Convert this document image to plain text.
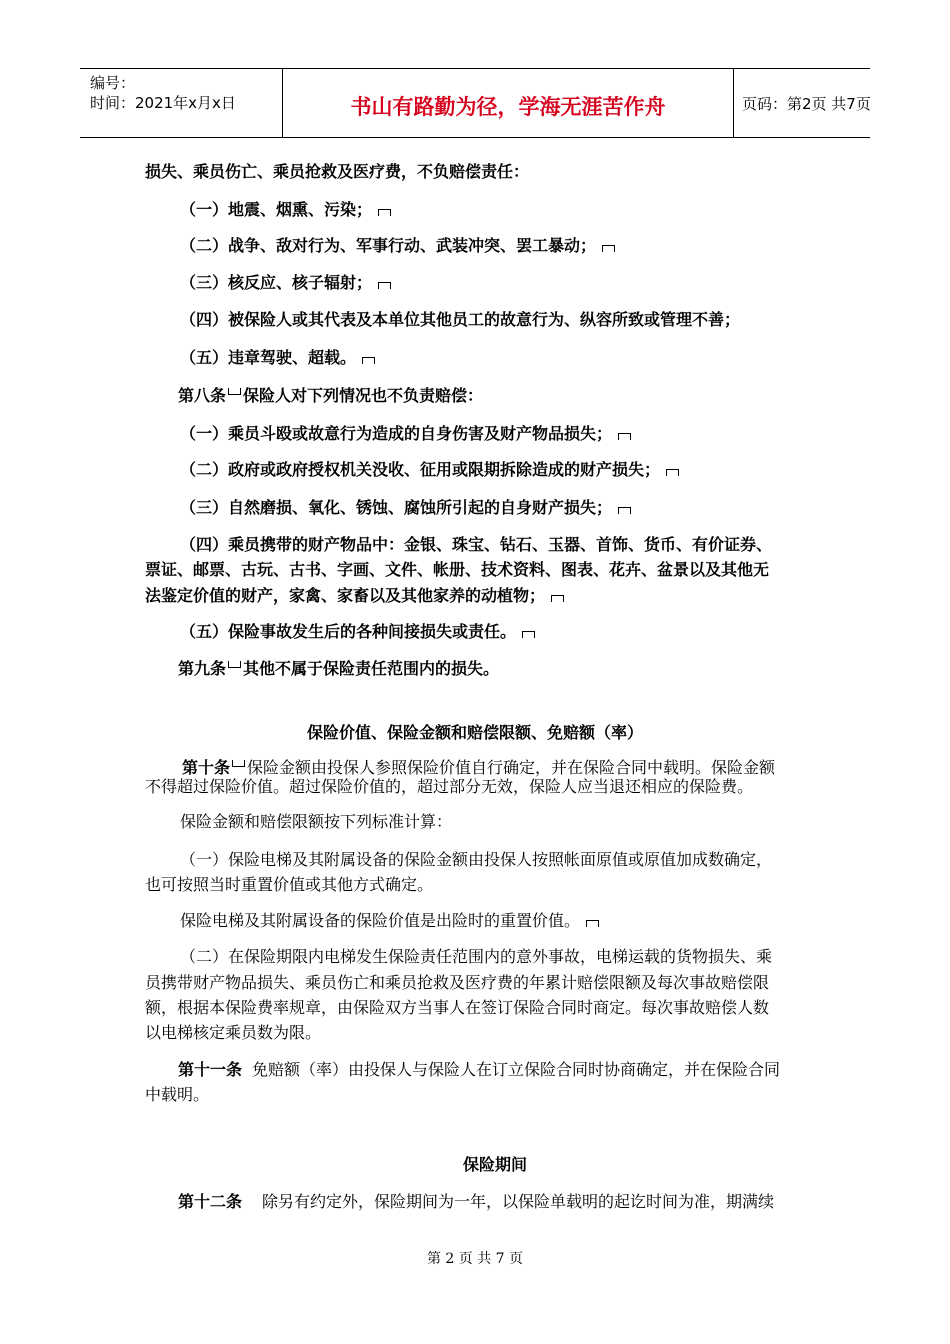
编号：
时间：2021年x月x日	书山有路勤为径，学海无涯苦作舟	页码：第2页 共7页
损失、乘员伤亡、乘员抢救及医疗费，不负赔偿责任：
（一）地震、烟熏、污染；
（二）战争、敌对行为、军事行动、武装冲突、罢工暴动；
（三）核反应、核子辐射；
（四）被保险人或其代表及本单位其他员工的故意行为、纵容所致或管理不善；
（五）违章驾驶、超载。
第八条 保险人对下列情况也不负责赔偿：
（一）乘员斗殴或故意行为造成的自身伤害及财产物品损失；
（二）政府或政府授权机关没收、征用或限期拆除造成的财产损失；
（三）自然磨损、氧化、锈蚀、腐蚀所引起的自身财产损失；
（四）乘员携带的财产物品中：金银、珠宝、钻石、玉器、首饰、货币、有价证券、
票证、邮票、古玩、古书、字画、文件、帐册、技术资料、图表、花卉、盆景以及其他无
法鉴定价值的财产，家禽、家畜以及其他家养的动植物；
（五）保险事故发生后的各种间接损失或责任。
第九条 其他不属于保险责任范围内的损失。
保险价值、保险金额和赔偿限额、免赔额（率）
第十条 保险金额由投保人参照保险价值自行确定，并在保险合同中载明。保险金额
不得超过保险价值。超过保险价值的，超过部分无效，保险人应当退还相应的保险费。
保险金额和赔偿限额按下列标准计算：
（一）保险电梯及其附属设备的保险金额由投保人按照帐面原值或原值加成数确定，
也可按照当时重置价值或其他方式确定。
保险电梯及其附属设备的保险价值是出险时的重置价值。
（二）在保险期限内电梯发生保险责任范围内的意外事故，电梯运载的货物损失、乘
员携带财产物品损失、乘员伤亡和乘员抢救及医疗费的年累计赔偿限额及每次事故赔偿限
额，根据本保险费率规章，由保险双方当事人在签订保险合同时商定。每次事故赔偿人数
以电梯核定乘员数为限。
第十一条 免赔额（率）由投保人与保险人在订立保险合同时协商确定，并在保险合同
中载明。
保险期间
第十二条 除另有约定外，保险期间为一年，以保险单载明的起讫时间为准，期满续
第 2 页 共 7 页
